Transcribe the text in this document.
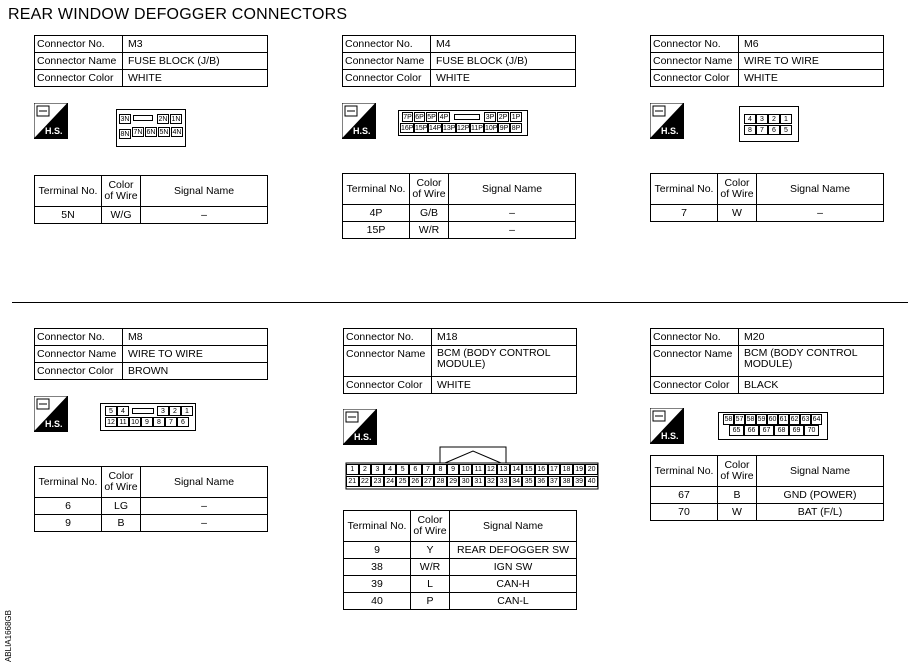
REAR WINDOW DEFOGGER CONNECTORS
Connector No.	M3
Connector Name	FUSE BLOCK (J/B)
Connector Color	WHITE
H.S.
3N	2N 1N
8N 7N 6N 5N 4N
Terminal No.	Color of Wire	Signal Name
5N	W/G	–
Connector No.	M4
Connector Name	FUSE BLOCK (J/B)
Connector Color	WHITE
H.S.
7P 6P 5P 4P	3P 2P 1P
16P 15P 14P 13P 12P 11P 10P 9P 8P
Terminal No.	Color of Wire	Signal Name
4P	G/B	–
15P	W/R	–
Connector No.	M6
Connector Name	WIRE TO WIRE
Connector Color	WHITE
H.S.
4	3	2	1
8	7	6	5
Terminal No.	Color of Wire	Signal Name
7	W	–
Connector No.	M8
Connector Name	WIRE TO WIRE
Connector Color	BROWN
H.S.
5	4	3	2	1
12 11 10 9	8	7	6
Terminal No.	Color of Wire	Signal Name
6	LG	–
9	B	–
Connector No.	M18
Connector Name	BCM (BODY CONTROL MODULE)
Connector Color	WHITE
H.S.
1	2	3	4	5	6	7	8	9 10 11 12 13 14 15 16 17 18 19 20
21 22 23 24 25 26 27 28 29 30 31 32 33 34 35 36 37 38 39 40
Terminal No.	Color of Wire	Signal Name
9	Y	REAR DEFOGGER SW
38	W/R	IGN SW
39	L	CAN-H
40	P	CAN-L
Connector No.	M20
Connector Name	BCM (BODY CONTROL MODULE)
Connector Color	BLACK
H.S.
58 57 58 59 60 61 62 63 64
65	66	67	68	69	70
Terminal No.	Color of Wire	Signal Name
67	B	GND (POWER)
70	W	BAT (F/L)
ABLIA1668GB
